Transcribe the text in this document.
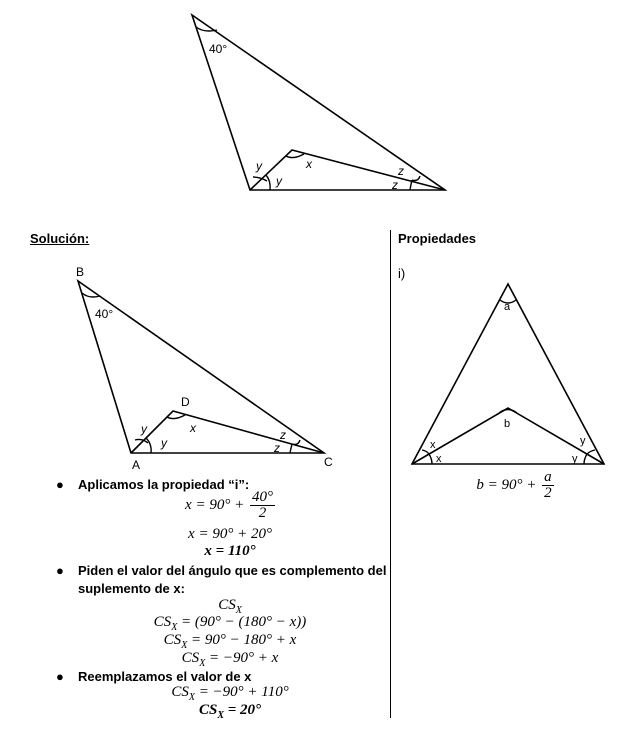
40°
y
y
x	z
z
Solución:	Propiedades
i)
B
A	C
D
40°
y
y
x	z
z
● Aplicamos la propiedad “i”:
$x = 90^\circ + \frac{40^\circ}{2}$
x = 90° + 20°
x = 110°
● Piden el valor del ángulo que es complemento del suplemento de x:
$CS_X$
$CS_X = (90^\circ - (180^\circ - x))$
$CS_X = 90^\circ - 180^\circ + x$
$CS_X = -90^\circ + x$
● Reemplazamos el valor de x
$CS_X = -90^\circ + 110^\circ$
$CS_X = 20^\circ$
a
b
x
x
y
y
$b = 90^\circ + \frac{a}{2}$
